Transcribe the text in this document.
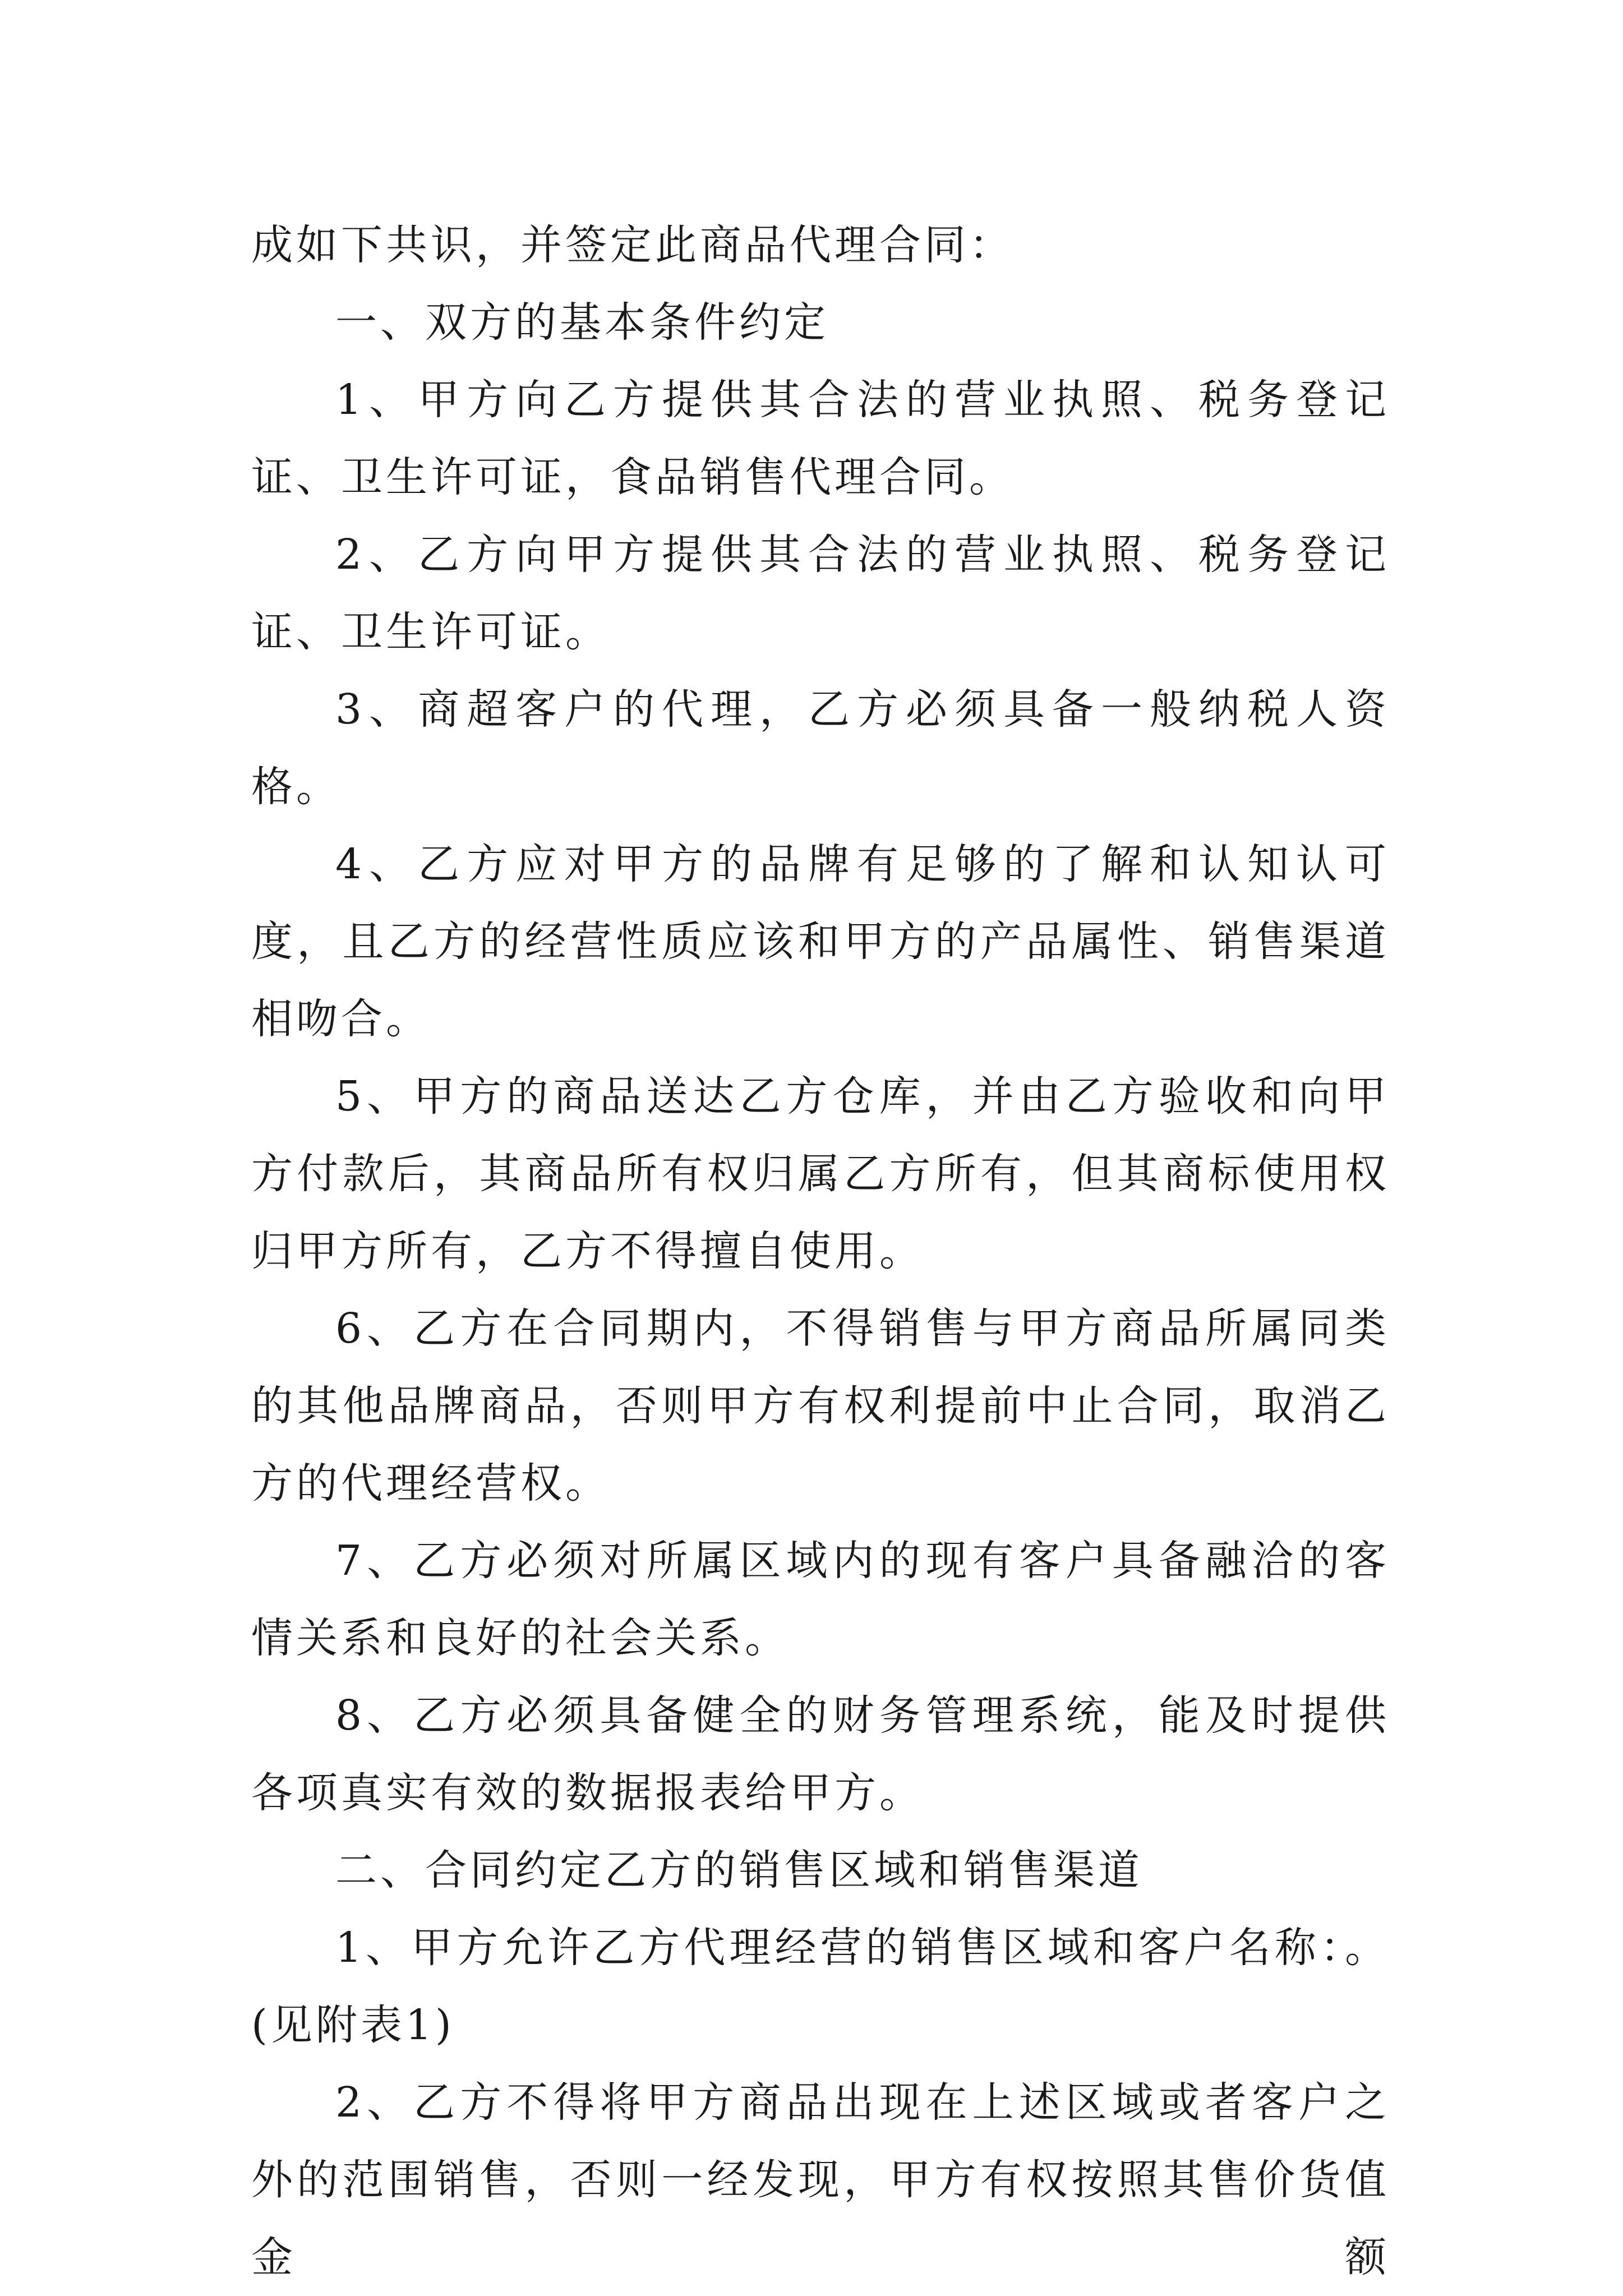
成如下共识，并签定此商品代理合同：

一、双方的基本条件约定

1、甲方向乙方提供其合法的营业执照、税务登记证、卫生许可证，食品销售代理合同。

2、乙方向甲方提供其合法的营业执照、税务登记证、卫生许可证。

3、商超客户的代理，乙方必须具备一般纳税人资格。

4、乙方应对甲方的品牌有足够的了解和认知认可度，且乙方的经营性质应该和甲方的产品属性、销售渠道相吻合。

5、甲方的商品送达乙方仓库，并由乙方验收和向甲方付款后，其商品所有权归属乙方所有，但其商标使用权归甲方所有，乙方不得擅自使用。

6、乙方在合同期内，不得销售与甲方商品所属同类的其他品牌商品，否则甲方有权利提前中止合同，取消乙方的代理经营权。

7、乙方必须对所属区域内的现有客户具备融洽的客情关系和良好的社会关系。

8、乙方必须具备健全的财务管理系统，能及时提供各项真实有效的数据报表给甲方。

二、合同约定乙方的销售区域和销售渠道

1、甲方允许乙方代理经营的销售区域和客户名称：。(见附表1)

2、乙方不得将甲方商品出现在上述区域或者客户之外的范围销售，否则一经发现，甲方有权按照其售价货值金额
